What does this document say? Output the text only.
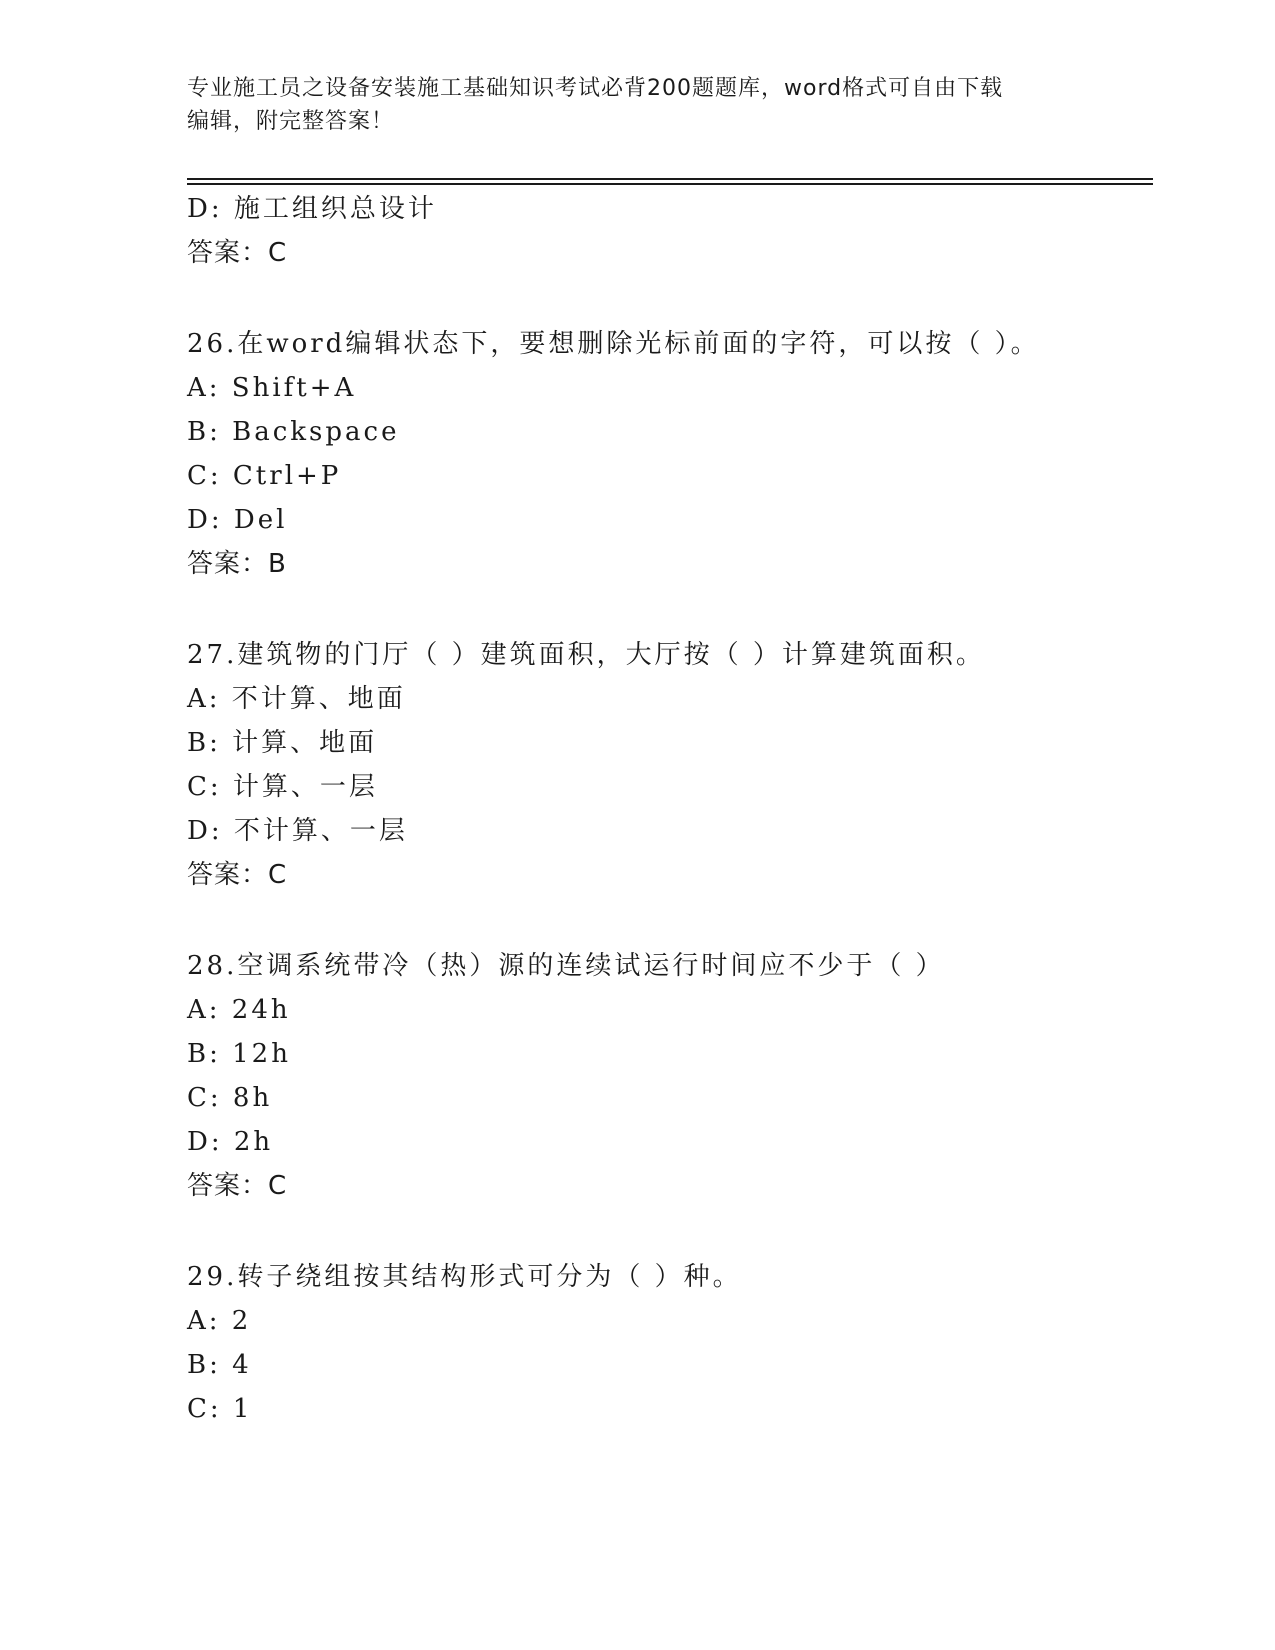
专业施工员之设备安装施工基础知识考试必背200题题库，word格式可自由下载
编辑，附完整答案！
D: 施工组织总设计
答案：C
26.在word编辑状态下，要想删除光标前面的字符，可以按（ ）。
A: Shift+A
B: Backspace
C: Ctrl+P
D: Del
答案：B
27.建筑物的门厅（ ）建筑面积，大厅按（ ）计算建筑面积。
A: 不计算、地面
B: 计算、地面
C: 计算、一层
D: 不计算、一层
答案：C
28.空调系统带冷（热）源的连续试运行时间应不少于（ ）
A: 24h
B: 12h
C: 8h
D: 2h
答案：C
29.转子绕组按其结构形式可分为（ ）种。
A: 2
B: 4
C: 1
